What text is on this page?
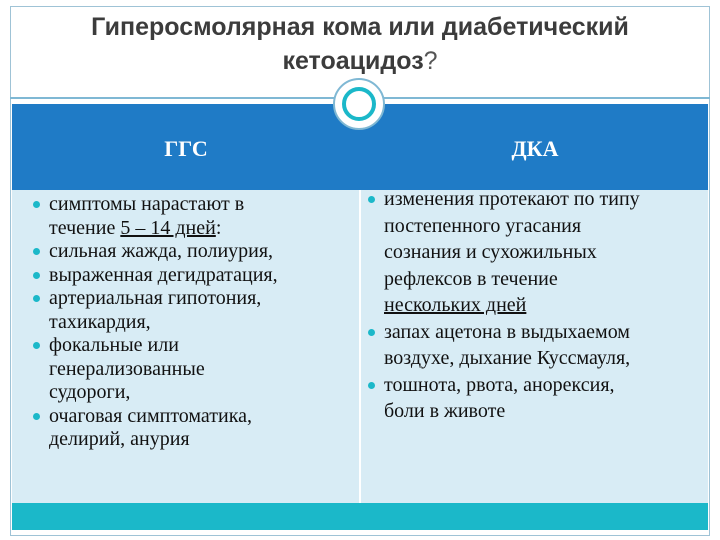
Гиперосмолярная кома или диабетический
кетоацидоз?
ГГС	ДКА
симптомы нарастают в
течение 5 – 14 дней:
сильная жажда, полиурия,
выраженная дегидратация,
артериальная гипотония,
тахикардия,
фокальные или
генерализованные
судороги,
очаговая симптоматика,
делирий, анурия
изменения протекают по типу
постепенного угасания
сознания и сухожильных
рефлексов в течение
нескольких дней
запах ацетона в выдыхаемом
воздухе, дыхание Куссмауля,
тошнота, рвота, анорексия,
боли в животе
